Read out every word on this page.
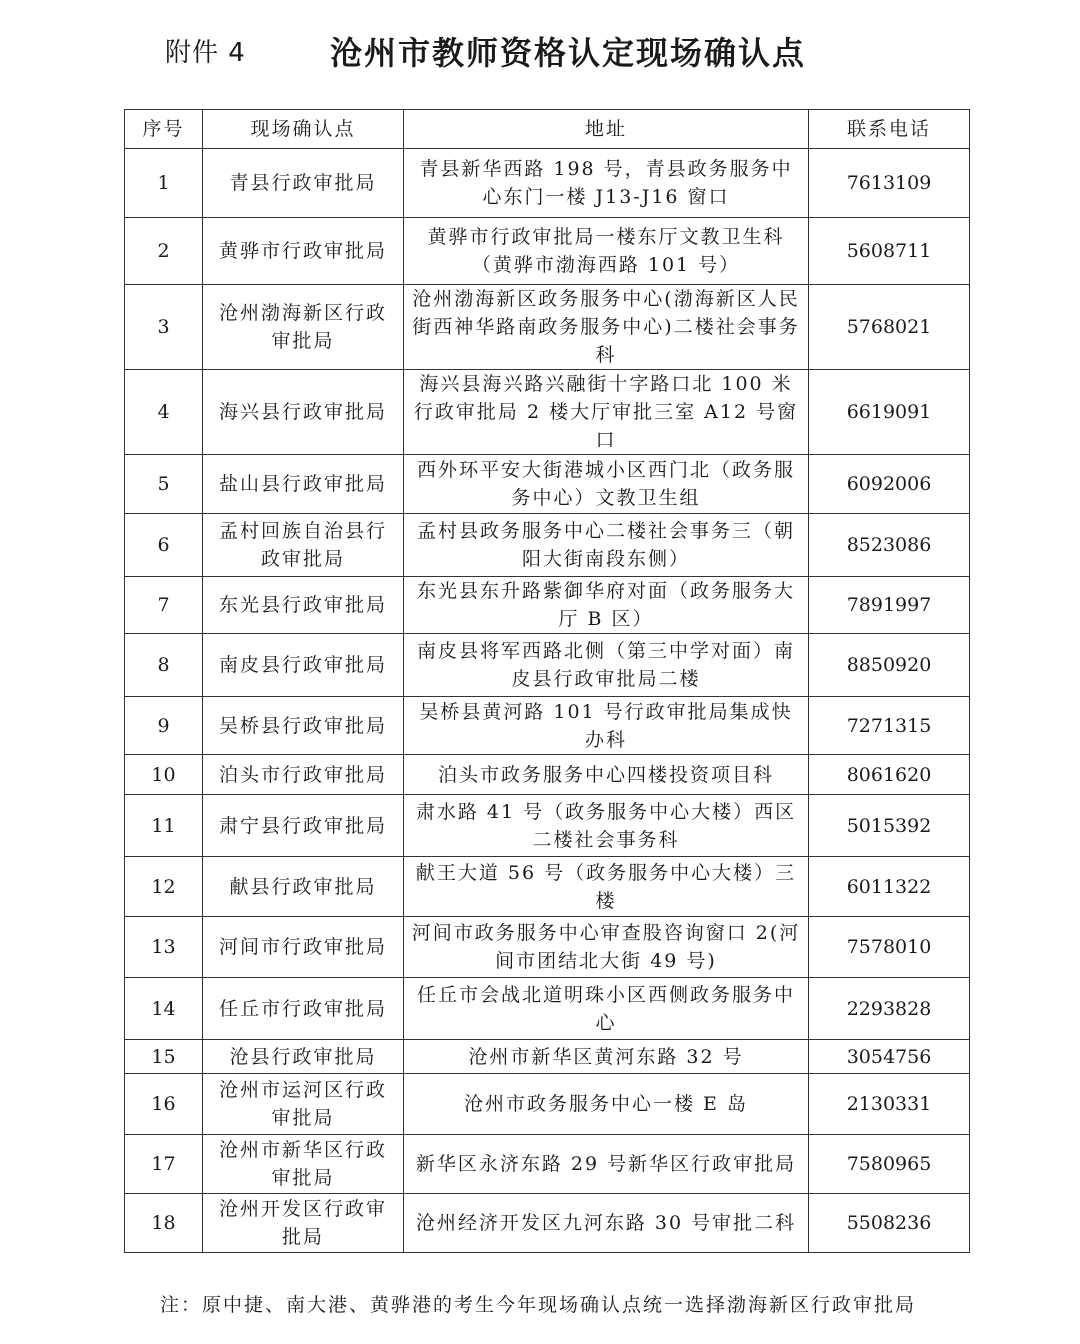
附件 4	沧州市教师资格认定现场确认点
序号	现场确认点	地址	联系电话
1	青县行政审批局	青县新华西路 198 号，青县政务服务中心东门一楼 J13-J16 窗口	7613109
2	黄骅市行政审批局	黄骅市行政审批局一楼东厅文教卫生科（黄骅市渤海西路 101 号）	5608711
3	沧州渤海新区行政审批局	沧州渤海新区政务服务中心(渤海新区人民街西神华路南政务服务中心)二楼社会事务科	5768021
4	海兴县行政审批局	海兴县海兴路兴融街十字路口北 100 米行政审批局 2 楼大厅审批三室 A12 号窗口	6619091
5	盐山县行政审批局	西外环平安大街港城小区西门北（政务服务中心）文教卫生组	6092006
6	孟村回族自治县行政审批局	孟村县政务服务中心二楼社会事务三（朝阳大街南段东侧）	8523086
7	东光县行政审批局	东光县东升路紫御华府对面（政务服务大厅 B 区）	7891997
8	南皮县行政审批局	南皮县将军西路北侧（第三中学对面）南皮县行政审批局二楼	8850920
9	吴桥县行政审批局	吴桥县黄河路 101 号行政审批局集成快办科	7271315
10	泊头市行政审批局	泊头市政务服务中心四楼投资项目科	8061620
11	肃宁县行政审批局	肃水路 41 号（政务服务中心大楼）西区二楼社会事务科	5015392
12	献县行政审批局	献王大道 56 号（政务服务中心大楼）三楼	6011322
13	河间市行政审批局	河间市政务服务中心审查股咨询窗口 2(河间市团结北大街 49 号)	7578010
14	任丘市行政审批局	任丘市会战北道明珠小区西侧政务服务中心	2293828
15	沧县行政审批局	沧州市新华区黄河东路 32 号	3054756
16	沧州市运河区行政审批局	沧州市政务服务中心一楼 E 岛	2130331
17	沧州市新华区行政审批局	新华区永济东路 29 号新华区行政审批局	7580965
18	沧州开发区行政审批局	沧州经济开发区九河东路 30 号审批二科	5508236
注：原中捷、南大港、黄骅港的考生今年现场确认点统一选择渤海新区行政审批局
